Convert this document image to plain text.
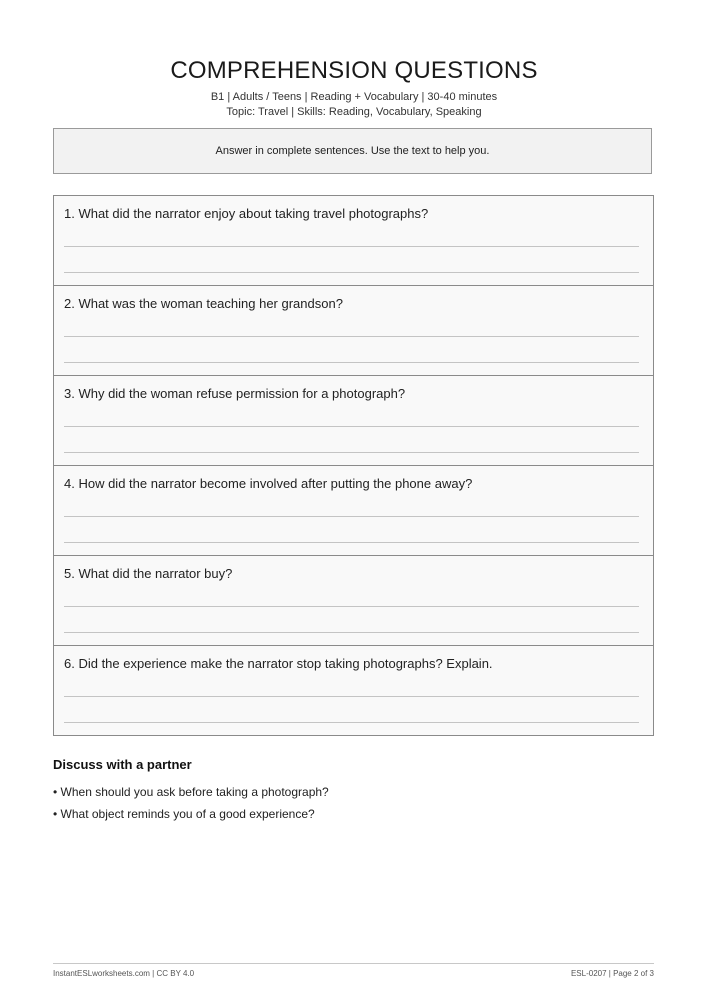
COMPREHENSION QUESTIONS
B1 | Adults / Teens | Reading + Vocabulary | 30-40 minutes
Topic: Travel | Skills: Reading, Vocabulary, Speaking
Answer in complete sentences. Use the text to help you.
1. What did the narrator enjoy about taking travel photographs?
2. What was the woman teaching her grandson?
3. Why did the woman refuse permission for a photograph?
4. How did the narrator become involved after putting the phone away?
5. What did the narrator buy?
6. Did the experience make the narrator stop taking photographs? Explain.
Discuss with a partner
• When should you ask before taking a photograph?
• What object reminds you of a good experience?
InstantESLworksheets.com | CC BY 4.0	ESL-0207 | Page 2 of 3
